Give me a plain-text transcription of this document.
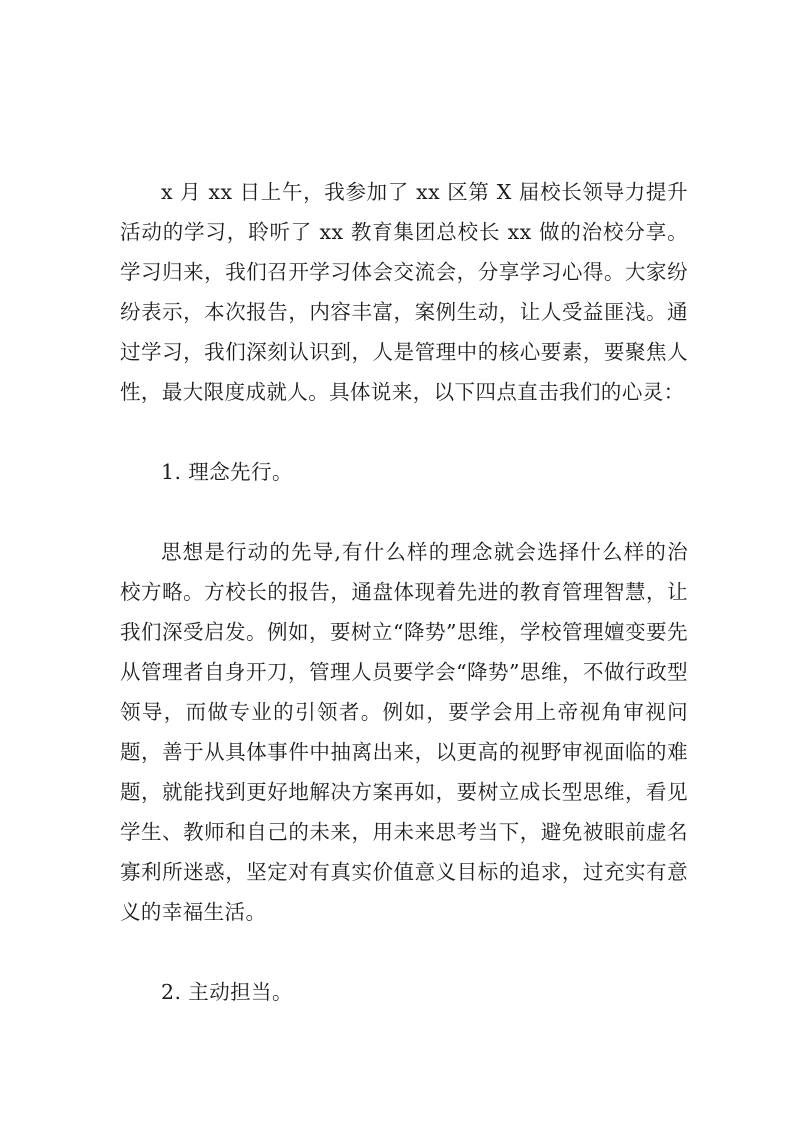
x 月 xx 日上午，我参加了 xx 区第 X 届校长领导力提升活动的学习，聆听了 xx 教育集团总校长 xx 做的治校分享。学习归来，我们召开学习体会交流会，分享学习心得。大家纷纷表示，本次报告，内容丰富，案例生动，让人受益匪浅。通过学习，我们深刻认识到，人是管理中的核心要素，要聚焦人性，最大限度成就人。具体说来，以下四点直击我们的心灵：

1. 理念先行。

思想是行动的先导,有什么样的理念就会选择什么样的治校方略。方校长的报告，通盘体现着先进的教育管理智慧，让我们深受启发。例如，要树立“降势”思维，学校管理嬗变要先从管理者自身开刀，管理人员要学会“降势”思维，不做行政型领导，而做专业的引领者。例如，要学会用上帝视角审视问题，善于从具体事件中抽离出来，以更高的视野审视面临的难题，就能找到更好地解决方案再如，要树立成长型思维，看见学生、教师和自己的未来，用未来思考当下，避免被眼前虚名寡利所迷惑，坚定对有真实价值意义目标的追求，过充实有意义的幸福生活。

2. 主动担当。
